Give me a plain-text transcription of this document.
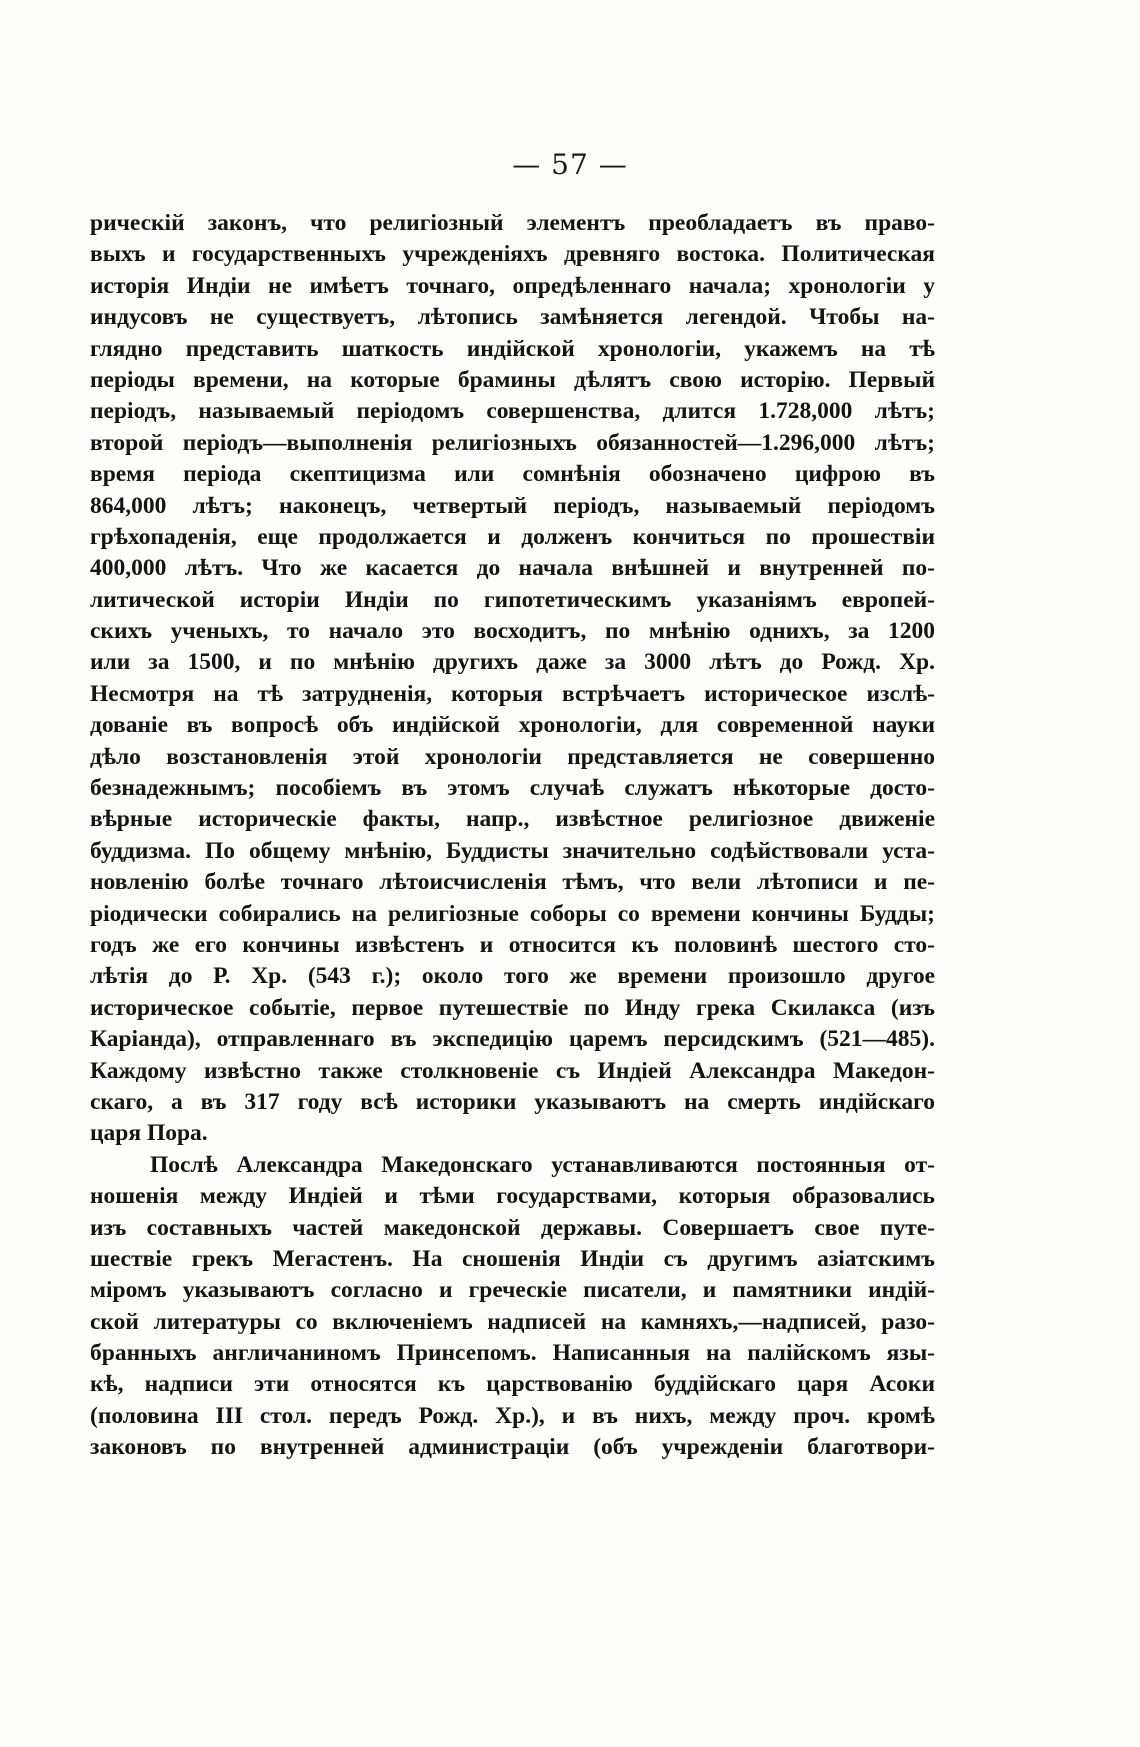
— 57 —
рическій законъ, что религіозный элементъ преобладаетъ въ право-
выхъ и государственныхъ учрежденіяхъ древняго востока. Политическая
исторія Индіи не имѣетъ точнаго, опредѣленнаго начала; хронологіи у
индусовъ не существуетъ, лѣтопись замѣняется легендой. Чтобы на-
глядно представить шаткость индійской хронологіи, укажемъ на тѣ
періоды времени, на которые брамины дѣлятъ свою исторію. Первый
періодъ, называемый періодомъ совершенства, длится 1.728,000 лѣтъ;
второй періодъ—выполненія религіозныхъ обязанностей—1.296,000 лѣтъ;
время періода скептицизма или сомнѣнія обозначено цифрою въ
864,000 лѣтъ; наконецъ, четвертый періодъ, называемый періодомъ
грѣхопаденія, еще продолжается и долженъ кончиться по прошествіи
400,000 лѣтъ. Что же касается до начала внѣшней и внутренней по-
литической исторіи Индіи по гипотетическимъ указаніямъ европей-
скихъ ученыхъ, то начало это восходитъ, по мнѣнію однихъ, за 1200
или за 1500, и по мнѣнію другихъ даже за 3000 лѣтъ до Рожд. Хр.
Несмотря на тѣ затрудненія, которыя встрѣчаетъ историческое изслѣ-
дованіе въ вопросѣ объ индійской хронологіи, для современной науки
дѣло возстановленія этой хронологіи представляется не совершенно
безнадежнымъ; пособіемъ въ этомъ случаѣ служатъ нѣкоторые досто-
вѣрные историческіе факты, напр., извѣстное религіозное движеніе
буддизма. По общему мнѣнію, Буддисты значительно содѣйствовали уста-
новленію болѣе точнаго лѣтоисчисленія тѣмъ, что вели лѣтописи и пе-
ріодически собирались на религіозные соборы со времени кончины Будды;
годъ же его кончины извѣстенъ и относится къ половинѣ шестого сто-
лѣтія до Р. Хр. (543 г.); около того же времени произошло другое
историческое событіе, первое путешествіе по Инду грека Скилакса (изъ
Каріанда), отправленнаго въ экспедицію царемъ персидскимъ (521—485).
Каждому извѣстно также столкновеніе съ Индіей Александра Македон-
скаго, а въ 317 году всѣ историки указываютъ на смерть индійскаго
царя Пора.
Послѣ Александра Македонскаго устанавливаются постоянныя от-
ношенія между Индіей и тѣми государствами, которыя образовались
изъ составныхъ частей македонской державы. Совершаетъ свое путе-
шествіе грекъ Мегастенъ. На сношенія Индіи съ другимъ азіатскимъ
міромъ указываютъ согласно и греческіе писатели, и памятники индій-
ской литературы со включеніемъ надписей на камняхъ,—надписей, разо-
бранныхъ англичаниномъ Принсепомъ. Написанныя на палійскомъ язы-
кѣ, надписи эти относятся къ царствованію буддійскаго царя Асоки
(половина III стол. передъ Рожд. Хр.), и въ нихъ, между проч. кромѣ
законовъ по внутренней администраціи (объ учрежденіи благотвори-
